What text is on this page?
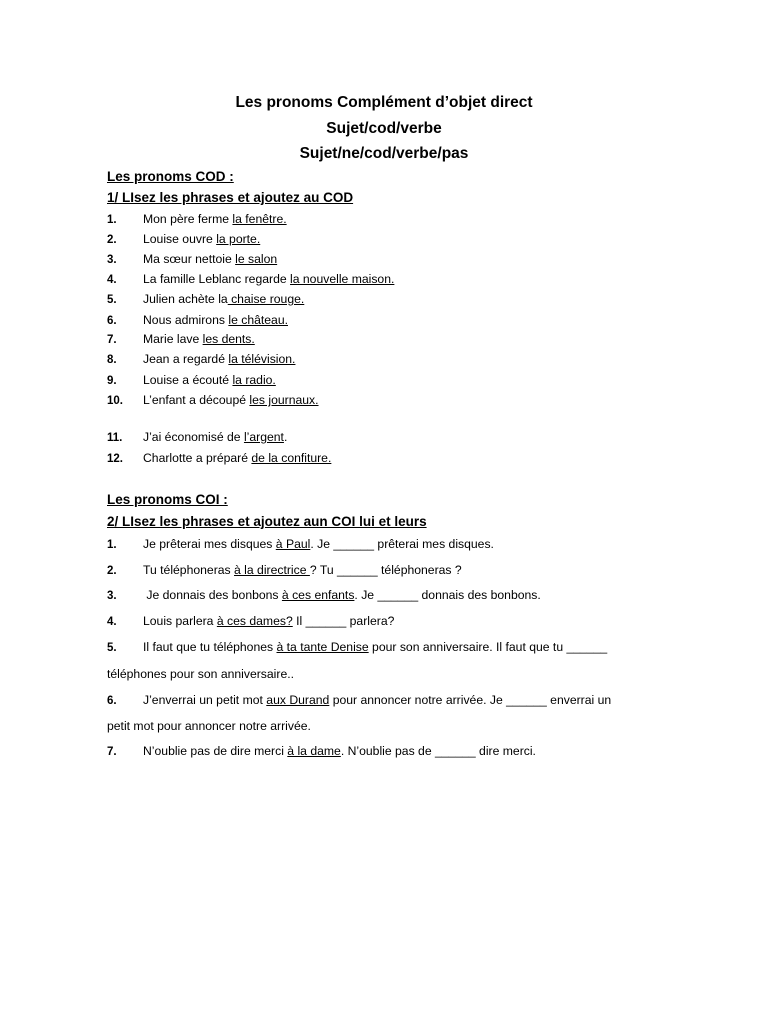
Les pronoms Complément d’objet direct
Sujet/cod/verbe
Sujet/ne/cod/verbe/pas
Les pronoms COD :
1/ LIsez les phrases et ajoutez au COD
1. Mon père ferme la fenêtre.
2. Louise ouvre la porte.
3. Ma sœur nettoie le salon
4. La famille Leblanc regarde la nouvelle maison.
5. Julien achète la chaise rouge.
6. Nous admirons le château.
7. Marie lave les dents.
8. Jean a regardé la télévision.
9. Louise a écouté la radio.
10. L’enfant a découpé les journaux.
11. J’ai économisé de l’argent.
12. Charlotte a préparé de la confiture.
Les pronoms COI :
2/ LIsez les phrases et ajoutez aun COI lui et leurs
1. Je prêterai mes disques à Paul. Je ______ prêterai mes disques.
2. Tu téléphoneras à la directrice ? Tu ______ téléphoneras ?
3. Je donnais des bonbons à ces enfants. Je ______ donnais des bonbons.
4. Louis parlera à ces dames? Il ______ parlera?
5. Il faut que tu téléphones à ta tante Denise pour son anniversaire. Il faut que tu ______
téléphones pour son anniversaire..
6. J’enverrai un petit mot aux Durand pour annoncer notre arrivée. Je ______ enverrai un
petit mot pour annoncer notre arrivée.
7. N’oublie pas de dire merci à la dame. N’oublie pas de ______ dire merci.
